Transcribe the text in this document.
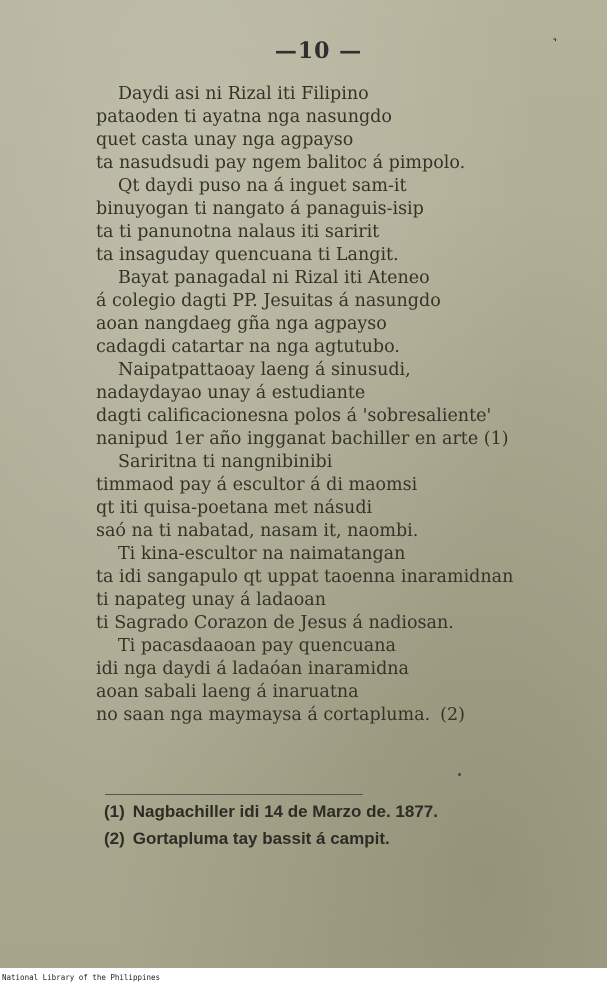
—10 —	˺
Daydi asi ni Rizal iti Filipino
pataoden ti ayatna nga nasungdo
quet casta unay nga agpayso
ta nasudsudi pay ngem balitoc á pimpolo.
Qt daydi puso na á inguet sam-it
binuyogan ti nangato á panaguis-isip
ta ti panunotna nalaus iti saririt
ta insaguday quencuana ti Langit.
Bayat panagadal ni Rizal iti Ateneo
á colegio dagti PP. Jesuitas á nasungdo
aoan nangdaeg gña nga agpayso
cadagdi catartar na nga agtutubo.
Naipatpattaoay laeng á sinusudi,
nadaydayao unay á estudiante
dagti calificacionesna polos á 'sobresaliente'
nanipud 1er año ingganat bachiller en arte (1)
Sariritna ti nangnibinibi
timmaod pay á escultor á di maomsi
qt iti quisa-poetana met násudi
saó na ti nabatad, nasam it, naombi.
Ti kina-escultor na naimatangan
ta idi sangapulo qt uppat taoenna inaramidnan
ti napateg unay á ladaoan
ti Sagrado Corazon de Jesus á nadiosan.
Ti pacasdaaoan pay quencuana
idi nga daydi á ladaóan inaramidna
aoan sabali laeng á inaruatna
no saan nga maymaysa á cortapluma. (2)
(1) Nagbachiller idi 14 de Marzo de. 1877.
(2) Gortapluma tay bassit á campit.
National Library of the Philippines
